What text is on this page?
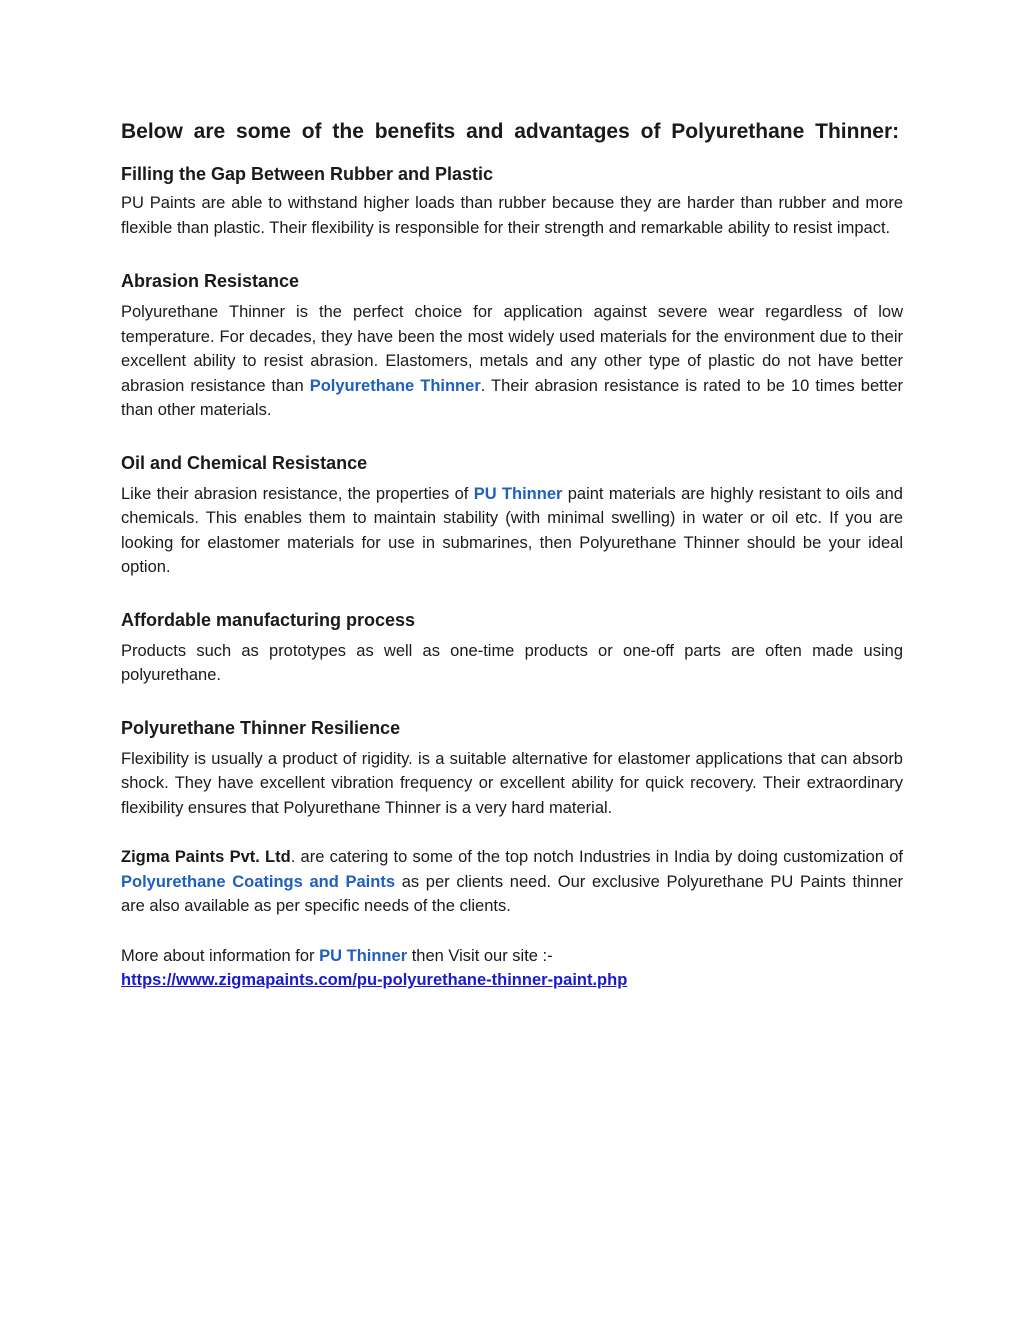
Below are some of the benefits and advantages of Polyurethane Thinner:
Filling the Gap Between Rubber and Plastic

PU Paints are able to withstand higher loads than rubber because they are harder than rubber and more flexible than plastic. Their flexibility is responsible for their strength and remarkable ability to resist impact.

Abrasion Resistance

Polyurethane Thinner is the perfect choice for application against severe wear regardless of low temperature. For decades, they have been the most widely used materials for the environment due to their excellent ability to resist abrasion. Elastomers, metals and any other type of plastic do not have better abrasion resistance than Polyurethane Thinner. Their abrasion resistance is rated to be 10 times better than other materials.

Oil and Chemical Resistance

Like their abrasion resistance, the properties of PU Thinner paint materials are highly resistant to oils and chemicals. This enables them to maintain stability (with minimal swelling) in water or oil etc. If you are looking for elastomer materials for use in submarines, then Polyurethane Thinner should be your ideal option.

Affordable manufacturing process

Products such as prototypes as well as one-time products or one-off parts are often made using polyurethane.

Polyurethane Thinner Resilience

Flexibility is usually a product of rigidity. is a suitable alternative for elastomer applications that can absorb shock. They have excellent vibration frequency or excellent ability for quick recovery. Their extraordinary flexibility ensures that Polyurethane Thinner is a very hard material.

Zigma Paints Pvt. Ltd. are catering to some of the top notch Industries in India by doing customization of Polyurethane Coatings and Paints as per clients need. Our exclusive Polyurethane PU Paints thinner are also available as per specific needs of the clients.

More about information for PU Thinner then Visit our site :-
https://www.zigmapaints.com/pu-polyurethane-thinner-paint.php
